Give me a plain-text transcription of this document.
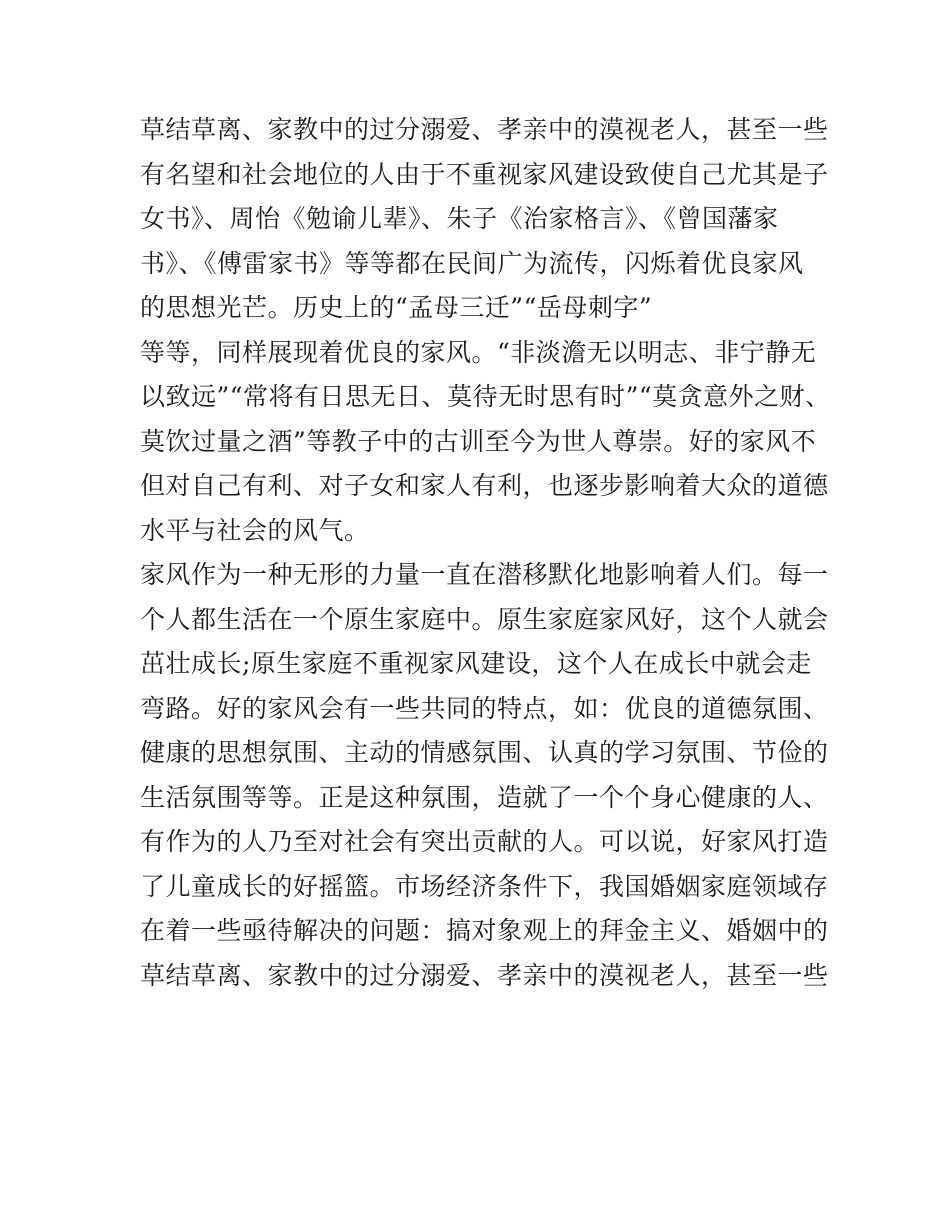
草结草离、家教中的过分溺爱、孝亲中的漠视老人，甚至一些
有名望和社会地位的人由于不重视家风建设致使自己尤其是子
女书》、周怡《勉谕儿辈》、朱子《治家格言》、《曾国藩家
书》、《傅雷家书》等等都在民间广为流传，闪烁着优良家风
的思想光芒。历史上的“孟母三迁”“岳母刺字”
等等，同样展现着优良的家风。“非淡澹无以明志、非宁静无
以致远”“常将有日思无日、莫待无时思有时”“莫贪意外之财、
莫饮过量之酒”等教子中的古训至今为世人尊崇。好的家风不
但对自己有利、对子女和家人有利，也逐步影响着大众的道德
水平与社会的风气。
家风作为一种无形的力量一直在潜移默化地影响着人们。每一
个人都生活在一个原生家庭中。原生家庭家风好，这个人就会
茁壮成长;原生家庭不重视家风建设，这个人在成长中就会走
弯路。好的家风会有一些共同的特点，如：优良的道德氛围、
健康的思想氛围、主动的情感氛围、认真的学习氛围、节俭的
生活氛围等等。正是这种氛围，造就了一个个身心健康的人、
有作为的人乃至对社会有突出贡献的人。可以说，好家风打造
了儿童成长的好摇篮。市场经济条件下，我国婚姻家庭领域存
在着一些亟待解决的问题：搞对象观上的拜金主义、婚姻中的
草结草离、家教中的过分溺爱、孝亲中的漠视老人，甚至一些
